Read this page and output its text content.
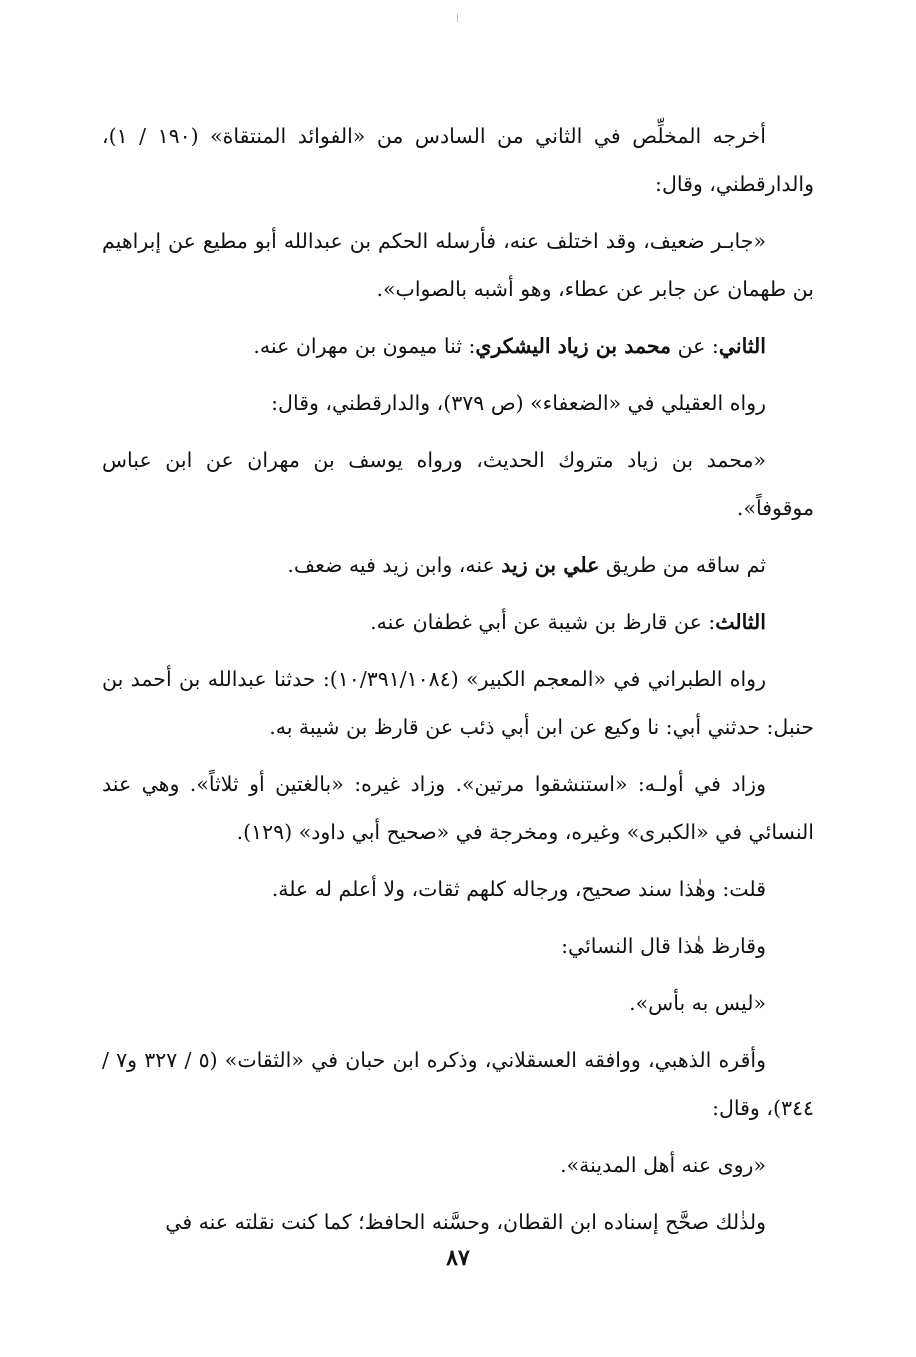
أخرجه المخلِّص في الثاني من السادس من «الفوائد المنتقاة» (١٩٠ / ١)، والدارقطني، وقال:

«جابـر ضعيف، وقد اختلف عنه، فأرسله الحكم بن عبدالله أبو مطيع عن إبراهيم بن طهمان عن جابر عن عطاء، وهو أشبه بالصواب».

الثاني: عن محمد بن زياد اليشكري: ثنا ميمون بن مهران عنه.

رواه العقيلي في «الضعفاء» (ص ٣٧٩)، والدارقطني، وقال:

«محمد بن زياد متروك الحديث، ورواه يوسف بن مهران عن ابن عباس موقوفاً».

ثم ساقه من طريق علي بن زيد عنه، وابن زيد فيه ضعف.

الثالث: عن قارظ بن شيبة عن أبي غطفان عنه.

رواه الطبراني في «المعجم الكبير» (١٠/٣٩١/١٠٨٤): حدثنا عبدالله بن أحمد بن حنبل: حدثني أبي: نا وكيع عن ابن أبي ذئب عن قارظ بن شيبة به.

وزاد في أولـه: «استنشقوا مرتين». وزاد غيره: «بالغتين أو ثلاثاً». وهي عند النسائي في «الكبرى» وغيره، ومخرجة في «صحيح أبي داود» (١٢٩).

قلت: وهٰذا سند صحيح، ورجاله كلهم ثقات، ولا أعلم له علة.

وقارظ هٰذا قال النسائي:

«ليس به بأس».

وأقره الذهبي، ووافقه العسقلاني، وذكره ابن حبان في «الثقات» (٥ / ٣٢٧ و٧ / ٣٤٤)، وقال:

«روى عنه أهل المدينة».

ولذٰلك صحَّح إسناده ابن القطان، وحسَّنه الحافظ؛ كما كنت نقلته عنه في

٨٧
